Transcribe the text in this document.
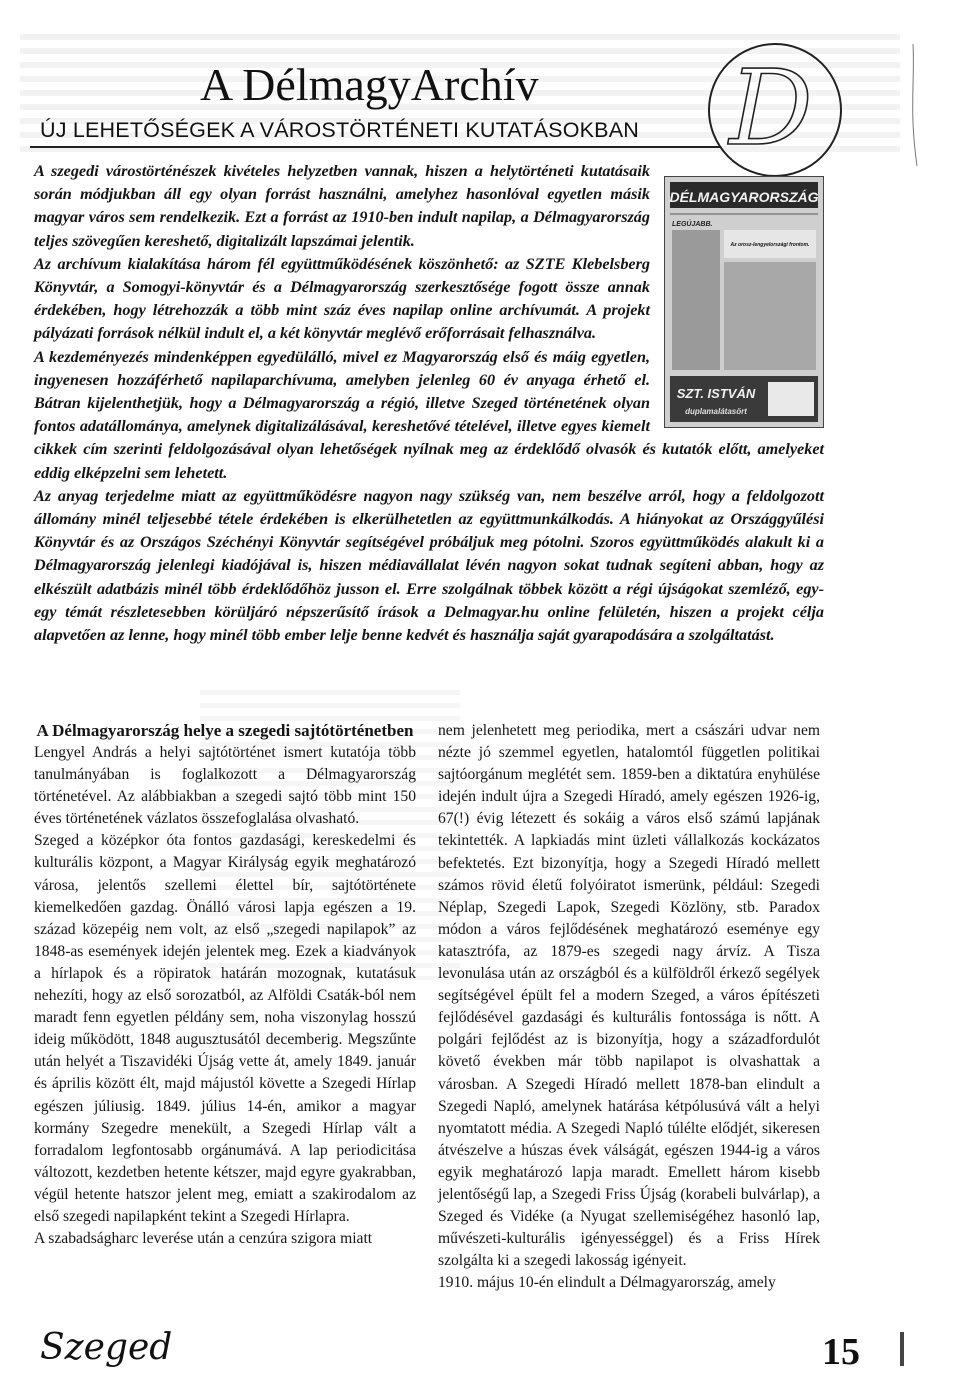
A DélmagyArchív
ÚJ LEHETŐSÉGEK A VÁROSTÖRTÉNETI KUTATÁSOKBAN D
DÉLMAGYARORSZÁG
LEGÚJABB.
Az orosz-lengyelországi frontom.
SZT. ISTVÁN
duplamalátasört

A szegedi várostörténészek kivételes helyzetben vannak, hiszen a helytörténeti kutatásaik során módjukban áll egy olyan forrást használni, amelyhez hasonlóval egyetlen másik magyar város sem rendelkezik. Ezt a forrást az 1910-ben indult napilap, a Délmagyarország teljes szövegűen kereshető, digitalizált lapszámai jelentik.

Az archívum kialakítása három fél együttműködésének köszönhető: az SZTE Klebelsberg Könyvtár, a Somogyi-könyvtár és a Délmagyarország szerkesztősége fogott össze annak érdekében, hogy létrehozzák a több mint száz éves napilap online archívumát. A projekt pályázati források nélkül indult el, a két könyvtár meglévő erőforrásait felhasználva.

A kezdeményezés mindenképpen egyedülálló, mivel ez Magyarország első és máig egyetlen, ingyenesen hozzáférhető napilaparchívuma, amelyben jelenleg 60 év anyaga érhető el. Bátran kijelenthetjük, hogy a Délmagyarország a régió, illetve Szeged történetének olyan fontos adatállománya, amelynek digitalizálásával, kereshetővé tételével, illetve egyes kiemelt cikkek cím szerinti feldolgozásával olyan lehetőségek nyílnak meg az érdeklődő olvasók és kutatók előtt, amelyeket eddig elképzelni sem lehetett.

Az anyag terjedelme miatt az együttműködésre nagyon nagy szükség van, nem beszélve arról, hogy a feldolgozott állomány minél teljesebbé tétele érdekében is elkerülhetetlen az együttmunkálkodás. A hiányokat az Országgyűlési Könyvtár és az Országos Széchényi Könyvtár segítségével próbáljuk meg pótolni. Szoros együttműködés alakult ki a Délmagyarország jelenlegi kiadójával is, hiszen médiavállalat lévén nagyon sokat tudnak segíteni abban, hogy az elkészült adatbázis minél több érdeklődőhöz jusson el. Erre szolgálnak többek között a régi újságokat szemléző, egy-egy témát részletesebben körüljáró népszerűsítő írások a Delmagyar.hu online felületén, hiszen a projekt célja alapvetően az lenne, hogy minél több ember lelje benne kedvét és használja saját gyarapodására a szolgáltatást.

A Délmagyarország helye a szegedi sajtótörténetben

Lengyel András a helyi sajtótörténet ismert kutatója több tanulmányában is foglalkozott a Délmagyarország történetével. Az alábbiakban a szegedi sajtó több mint 150 éves történetének vázlatos összefoglalása olvasható.

Szeged a középkor óta fontos gazdasági, kereskedelmi és kulturális központ, a Magyar Királyság egyik meghatározó városa, jelentős szellemi élettel bír, sajtótörténete kiemelkedően gazdag. Önálló városi lapja egészen a 19. század közepéig nem volt, az első „szegedi napilapok” az 1848-as események idején jelentek meg. Ezek a kiadványok a hírlapok és a röpiratok határán mozognak, kutatásuk nehezíti, hogy az első sorozatból, az Alföldi Csaták-ból nem maradt fenn egyetlen példány sem, noha viszonylag hosszú ideig működött, 1848 augusztusától decemberig. Megszűnte után helyét a Tiszavidéki Újság vette át, amely 1849. január és április között élt, majd májustól követte a Szegedi Hírlap egészen júliusig. 1849. július 14-én, amikor a magyar kormány Szegedre menekült, a Szegedi Hírlap vált a forradalom legfontosabb orgánumává. A lap periodicitása változott, kezdetben hetente kétszer, majd egyre gyakrabban, végül hetente hatszor jelent meg, emiatt a szakirodalom az első szegedi napilapként tekint a Szegedi Hírlapra.

A szabadságharc leverése után a cenzúra szigora miatt

nem jelenhetett meg periodika, mert a császári udvar nem nézte jó szemmel egyetlen, hatalomtól független politikai sajtóorgánum meglétét sem. 1859-ben a diktatúra enyhülése idején indult újra a Szegedi Híradó, amely egészen 1926-ig, 67(!) évig létezett és sokáig a város első számú lapjának tekintették. A lapkiadás mint üzleti vállalkozás kockázatos befektetés. Ezt bizonyítja, hogy a Szegedi Híradó mellett számos rövid életű folyóiratot ismerünk, például: Szegedi Néplap, Szegedi Lapok, Szegedi Közlöny, stb. Paradox módon a város fejlődésének meghatározó eseménye egy katasztrófa, az 1879-es szegedi nagy árvíz. A Tisza levonulása után az országból és a külföldről érkező segélyek segítségével épült fel a modern Szeged, a város építészeti fejlődésével gazdasági és kulturális fontossága is nőtt. A polgári fejlődést az is bizonyítja, hogy a századfordulót követő években már több napilapot is olvashattak a városban. A Szegedi Híradó mellett 1878-ban elindult a Szegedi Napló, amelynek határása kétpólusúvá vált a helyi nyomtatott média. A Szegedi Napló túlélte elődjét, sikeresen átvészelve a húszas évek válságát, egészen 1944-ig a város egyik meghatározó lapja maradt. Emellett három kisebb jelentőségű lap, a Szegedi Friss Újság (korabeli bulvárlap), a Szeged és Vidéke (a Nyugat szellemiségéhez hasonló lap, művészeti-kulturális igényességgel) és a Friss Hírek szolgálta ki a szegedi lakosság igényeit.

1910. május 10-én elindult a Délmagyarország, amely

Szeged	15
